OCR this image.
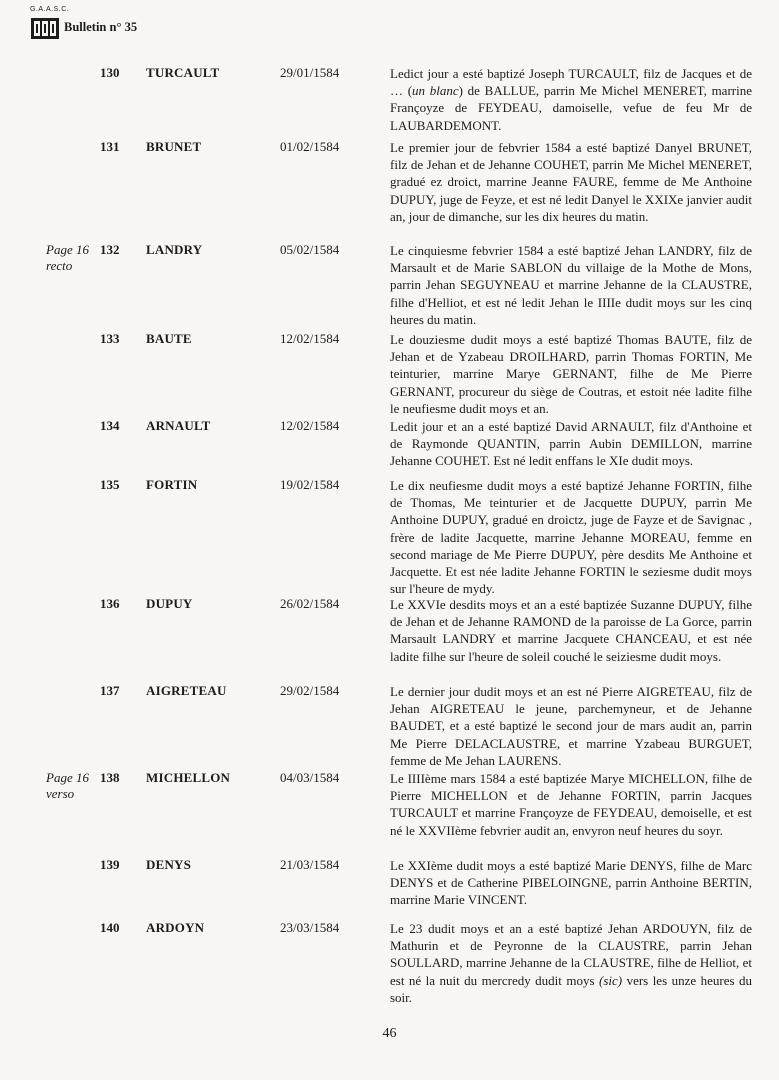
G.A.A.S.C.
Bulletin n° 35
130 TURCAULT	29/01/1584	Ledict jour a esté baptizé Joseph TURCAULT, filz de Jacques et de … (un blanc) de BALLUE, parrin Me Michel MENERET, marrine Françoyze de FEYDEAU, damoiselle, vefue de feu Mr de LAUBARDEMONT.
131 BRUNET	01/02/1584	Le premier jour de febvrier 1584 a esté baptizé Danyel BRUNET, filz de Jehan et de Jehanne COUHET, parrin Me Michel MENERET, gradué ez droict, marrine Jeanne FAURE, femme de Me Anthoine DUPUY, juge de Feyze, et est né ledit Danyel le XXIXe janvier audit an, jour de dimanche, sur les dix heures du matin.
Page 16 recto
132 LANDRY	05/02/1584	Le cinquiesme febvrier 1584 a esté baptizé Jehan LANDRY, filz de Marsault et de Marie SABLON du villaige de la Mothe de Mons, parrin Jehan SEGUYNEAU et marrine Jehanne de la CLAUSTRE, filhe d'Helliot, et est né ledit Jehan le IIIIe dudit moys sur les cinq heures du matin.
133 BAUTE	12/02/1584	Le douziesme dudit moys a esté baptizé Thomas BAUTE, filz de Jehan et de Yzabeau DROILHARD, parrin Thomas FORTIN, Me teinturier, marrine Marye GERNANT, filhe de Me Pierre GERNANT, procureur du siège de Coutras, et estoit née ladite filhe le neufiesme dudit moys et an.
134 ARNAULT	12/02/1584	Ledit jour et an a esté baptizé David ARNAULT, filz d'Anthoine et de Raymonde QUANTIN, parrin Aubin DEMILLON, marrine Jehanne COUHET. Est né ledit enffans le XIe dudit moys.
135 FORTIN	19/02/1584	Le dix neufiesme dudit moys a esté baptizé Jehanne FORTIN, filhe de Thomas, Me teinturier et de Jacquette DUPUY, parrin Me Anthoine DUPUY, gradué en droictz, juge de Fayze et de Savignac , frère de ladite Jacquette, marrine Jehanne MOREAU, femme en second mariage de Me Pierre DUPUY, père desdits Me Anthoine et Jacquette. Et est née ladite Jehanne FORTIN le seziesme dudit moys sur l'heure de mydy.
136 DUPUY	26/02/1584	Le XXVIe desdits moys et an a esté baptizée Suzanne DUPUY, filhe de Jehan et de Jehanne RAMOND de la paroisse de La Gorce, parrin Marsault LANDRY et marrine Jacquete CHANCEAU, et est née ladite filhe sur l'heure de soleil couché le seiziesme dudit moys.
137 AIGRETEAU	29/02/1584	Le dernier jour dudit moys et an est né Pierre AIGRETEAU, filz de Jehan AIGRETEAU le jeune, parchemyneur, et de Jehanne BAUDET, et a esté baptizé le second jour de mars audit an, parrin Me Pierre DELACLAUSTRE, et marrine Yzabeau BURGUET, femme de Me Jehan LAURENS.
Page 16 verso
138 MICHELLON	04/03/1584	Le IIIIème mars 1584 a esté baptizée Marye MICHELLON, filhe de Pierre MICHELLON et de Jehanne FORTIN, parrin Jacques TURCAULT et marrine Françoyze de FEYDEAU, demoiselle, et est né le XXVIIème febvrier audit an, envyron neuf heures du soyr.
139 DENYS	21/03/1584	Le XXIème dudit moys a esté baptizé Marie DENYS, filhe de Marc DENYS et de Catherine PIBELOINGNE, parrin Anthoine BERTIN, marrine Marie VINCENT.
140 ARDOYN	23/03/1584	Le 23 dudit moys et an a esté baptizé Jehan ARDOUYN, filz de Mathurin et de Peyronne de la CLAUSTRE, parrin Jehan SOULLARD, marrine Jehanne de la CLAUSTRE, filhe de Helliot, et est né la nuit du mercredy dudit moys (sic) vers les unze heures du soir.
46
